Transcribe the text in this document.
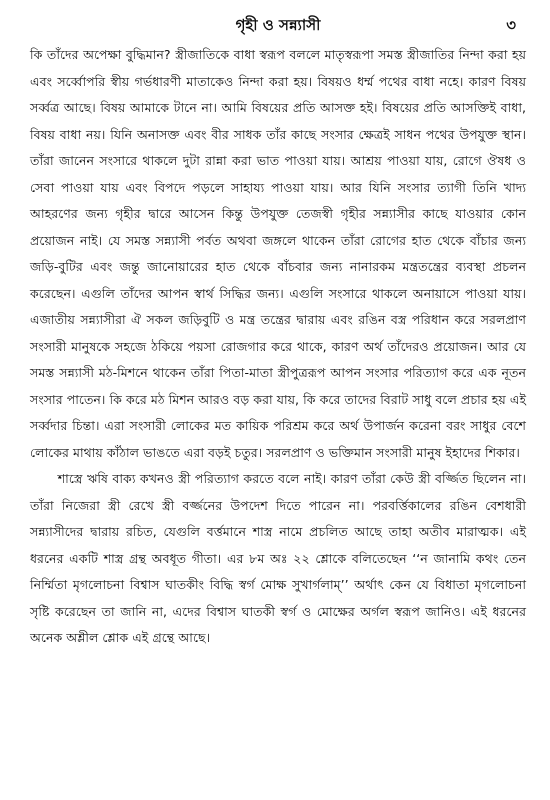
গৃহী ও সন্ন্যাসী	৩

কি তাঁদের অপেক্ষা বুদ্ধিমান? স্ত্রীজাতিকে বাধা স্বরূপ বললে মাতৃস্বরূপা সমস্ত স্ত্রীজাতির নিন্দা করা হয় এবং সর্ব্বোপরি স্বীয় গর্ভধারণী মাতাকেও নিন্দা করা হয়। বিষয়ও ধর্ম্ম পথের বাধা নহে। কারণ বিষয় সর্ব্বত্র আছে। বিষয় আমাকে টানে না। আমি বিষয়ের প্রতি আসক্ত হই। বিষয়ের প্রতি আসক্তিই বাধা, বিষয় বাধা নয়। যিনি অনাসক্ত এবং বীর সাধক তাঁর কাছে সংসার ক্ষেত্রই সাধন পথের উপযুক্ত স্থান। তাঁরা জানেন সংসারে থাকলে দুটা রান্না করা ভাত পাওয়া যায়। আশ্রয় পাওয়া যায়, রোগে ঔষধ ও সেবা পাওয়া যায় এবং বিপদে পড়লে সাহায্য পাওয়া যায়। আর যিনি সংসার ত্যাগী তিনি খাদ্য আহরণের জন্য গৃহীর দ্বারে আসেন কিন্তু উপযুক্ত তেজস্বী গৃহীর সন্ন্যাসীর কাছে যাওয়ার কোন প্রয়োজন নাই। যে সমস্ত সন্ন্যাসী পর্বত অথবা জঙ্গলে থাকেন তাঁরা রোগের হাত থেকে বাঁচার জন্য জড়ি-বুটির এবং জন্তু জানোয়ারের হাত থেকে বাঁচবার জন্য নানারকম মন্ত্রতন্ত্রের ব্যবস্থা প্রচলন করেছেন। এগুলি তাঁদের আপন স্বার্থ সিদ্ধির জন্য। এগুলি সংসারে থাকলে অনায়াসে পাওয়া যায়। এজাতীয় সন্ন্যাসীরা ঐ সকল জড়িবুটি ও মন্ত্র তন্ত্রের দ্বারায় এবং রঙিন বস্ত্র পরিধান করে সরলপ্রাণ সংসারী মানুষকে সহজে ঠকিয়ে পয়সা রোজগার করে থাকে, কারণ অর্থ তাঁদেরও প্রয়োজন। আর যে সমস্ত সন্ন্যাসী মঠ-মিশনে থাকেন তাঁরা পিতা-মাতা স্ত্রীপুত্ররূপ আপন সংসার পরিত্যাগ করে এক নূতন সংসার পাতেন। কি করে মঠ মিশন আরও বড় করা যায়, কি করে তাদের বিরাট সাধু বলে প্রচার হয় এই সর্ব্বদার চিন্তা। এরা সংসারী লোকের মত কায়িক পরিশ্রম করে অর্থ উপার্জন করেনা বরং সাধুর বেশে লোকের মাথায় কাঁঠাল ভাঙতে এরা বড়ই চতুর। সরলপ্রাণ ও ভক্তিমান সংসারী মানুষ ইহাদের শিকার।

শাস্ত্রে ঋষি বাক্য কখনও স্ত্রী পরিত্যাগ করতে বলে নাই। কারণ তাঁরা কেউ স্ত্রী বর্জ্জিত ছিলেন না। তাঁরা নিজেরা স্ত্রী রেখে স্ত্রী বর্জ্জনের উপদেশ দিতে পারেন না। পরবর্ত্তিকালের রঙিন বেশধারী সন্ন্যাসীদের দ্বারায় রচিত, যেগুলি বর্ত্তমানে শাস্ত্র নামে প্রচলিত আছে তাহা অতীব মারাত্মক। এই ধরনের একটি শাস্ত্র গ্রন্থ অবধূত গীতা। এর ৮ম অঃ ২২ শ্লোকে বলিতেছেন ‘‘ন জানামি কথং তেন নির্ম্মিতা মৃগলোচনা বিশ্বাস ঘাতকীং বিদ্ধি স্বর্গ মোক্ষ সুখার্গলাম্’’ অর্থাৎ কেন যে বিধাতা মৃগলোচনা সৃষ্টি করেছেন তা জানি না, এদের বিশ্বাস ঘাতকী স্বর্গ ও মোক্ষের অর্গল স্বরূপ জানিও। এই ধরনের অনেক অশ্লীল শ্লোক এই গ্রন্থে আছে।
